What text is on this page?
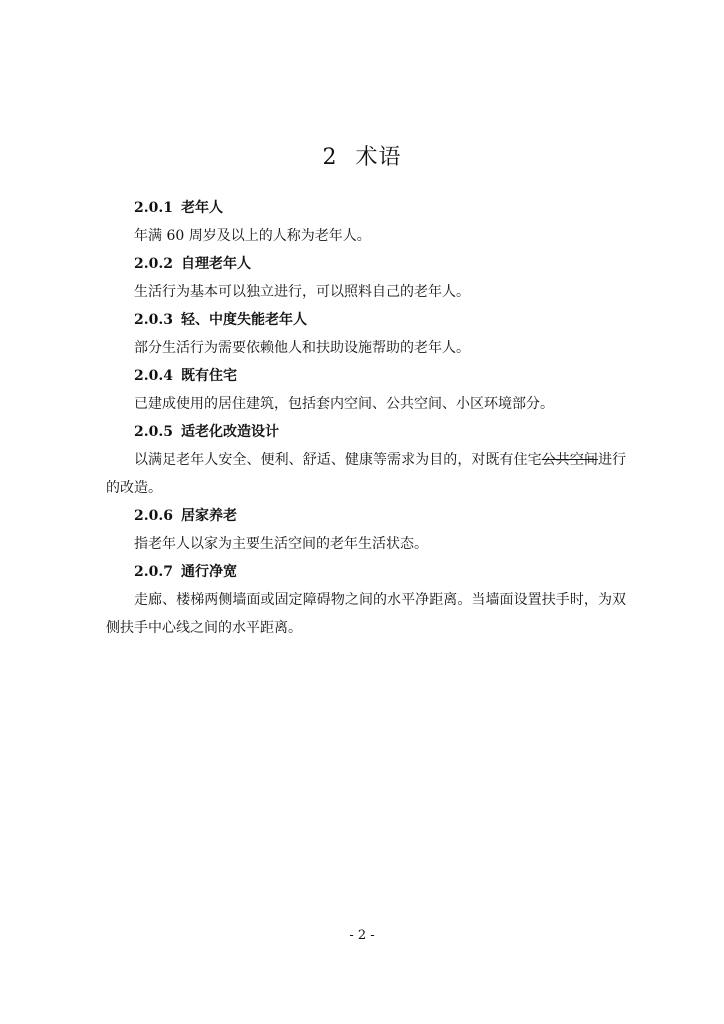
2 术语

2.0.1 老年人

年满 60 周岁及以上的人称为老年人。

2.0.2 自理老年人

生活行为基本可以独立进行，可以照料自己的老年人。

2.0.3 轻、中度失能老年人

部分生活行为需要依赖他人和扶助设施帮助的老年人。

2.0.4 既有住宅

已建成使用的居住建筑，包括套内空间、公共空间、小区环境部分。

2.0.5 适老化改造设计

以满足老年人安全、便利、舒适、健康等需求为目的，对既有住宅公共空间进行的改造。

2.0.6 居家养老

指老年人以家为主要生活空间的老年生活状态。

2.0.7 通行净宽

走廊、楼梯两侧墙面或固定障碍物之间的水平净距离。当墙面设置扶手时，为双侧扶手中心线之间的水平距离。

- 2 -
